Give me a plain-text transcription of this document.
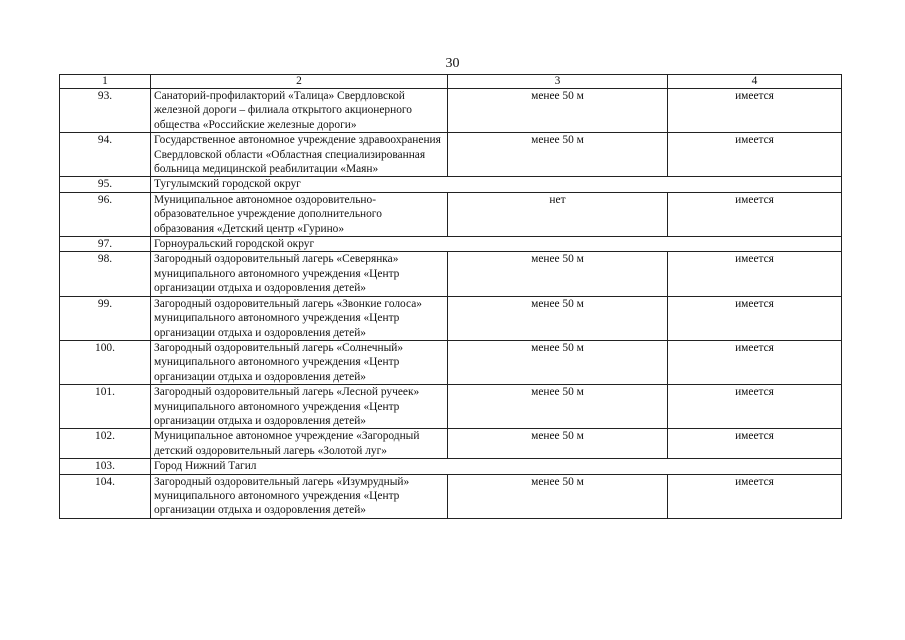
30
1	2	3	4
93.	Санаторий-профилакторий «Талица» Свердловской железной дороги – филиала открытого акционерного общества «Российские железные дороги»	менее 50 м	имеется
94.	Государственное автономное учреждение здравоохранения Свердловской области «Областная специализированная больница медицинской реабилитации «Маян»	менее 50 м	имеется
95.	Тугулымский городской округ		
96.	Муниципальное автономное оздоровительно-образовательное учреждение дополнительного образования «Детский центр «Гурино»	нет	имеется
97.	Горноуральский городской округ		
98.	Загородный оздоровительный лагерь «Северянка» муниципального автономного учреждения «Центр организации отдыха и оздоровления детей»	менее 50 м	имеется
99.	Загородный оздоровительный лагерь «Звонкие голоса» муниципального автономного учреждения «Центр организации отдыха и оздоровления детей»	менее 50 м	имеется
100.	Загородный оздоровительный лагерь «Солнечный» муниципального автономного учреждения «Центр организации отдыха и оздоровления детей»	менее 50 м	имеется
101.	Загородный оздоровительный лагерь «Лесной ручеек» муниципального автономного учреждения «Центр организации отдыха и оздоровления детей»	менее 50 м	имеется
102.	Муниципальное автономное учреждение «Загородный детский оздоровительный лагерь «Золотой луг»	менее 50 м	имеется
103.	Город Нижний Тагил		
104.	Загородный оздоровительный лагерь «Изумрудный» муниципального автономного учреждения «Центр организации отдыха и оздоровления детей»	менее 50 м	имеется
